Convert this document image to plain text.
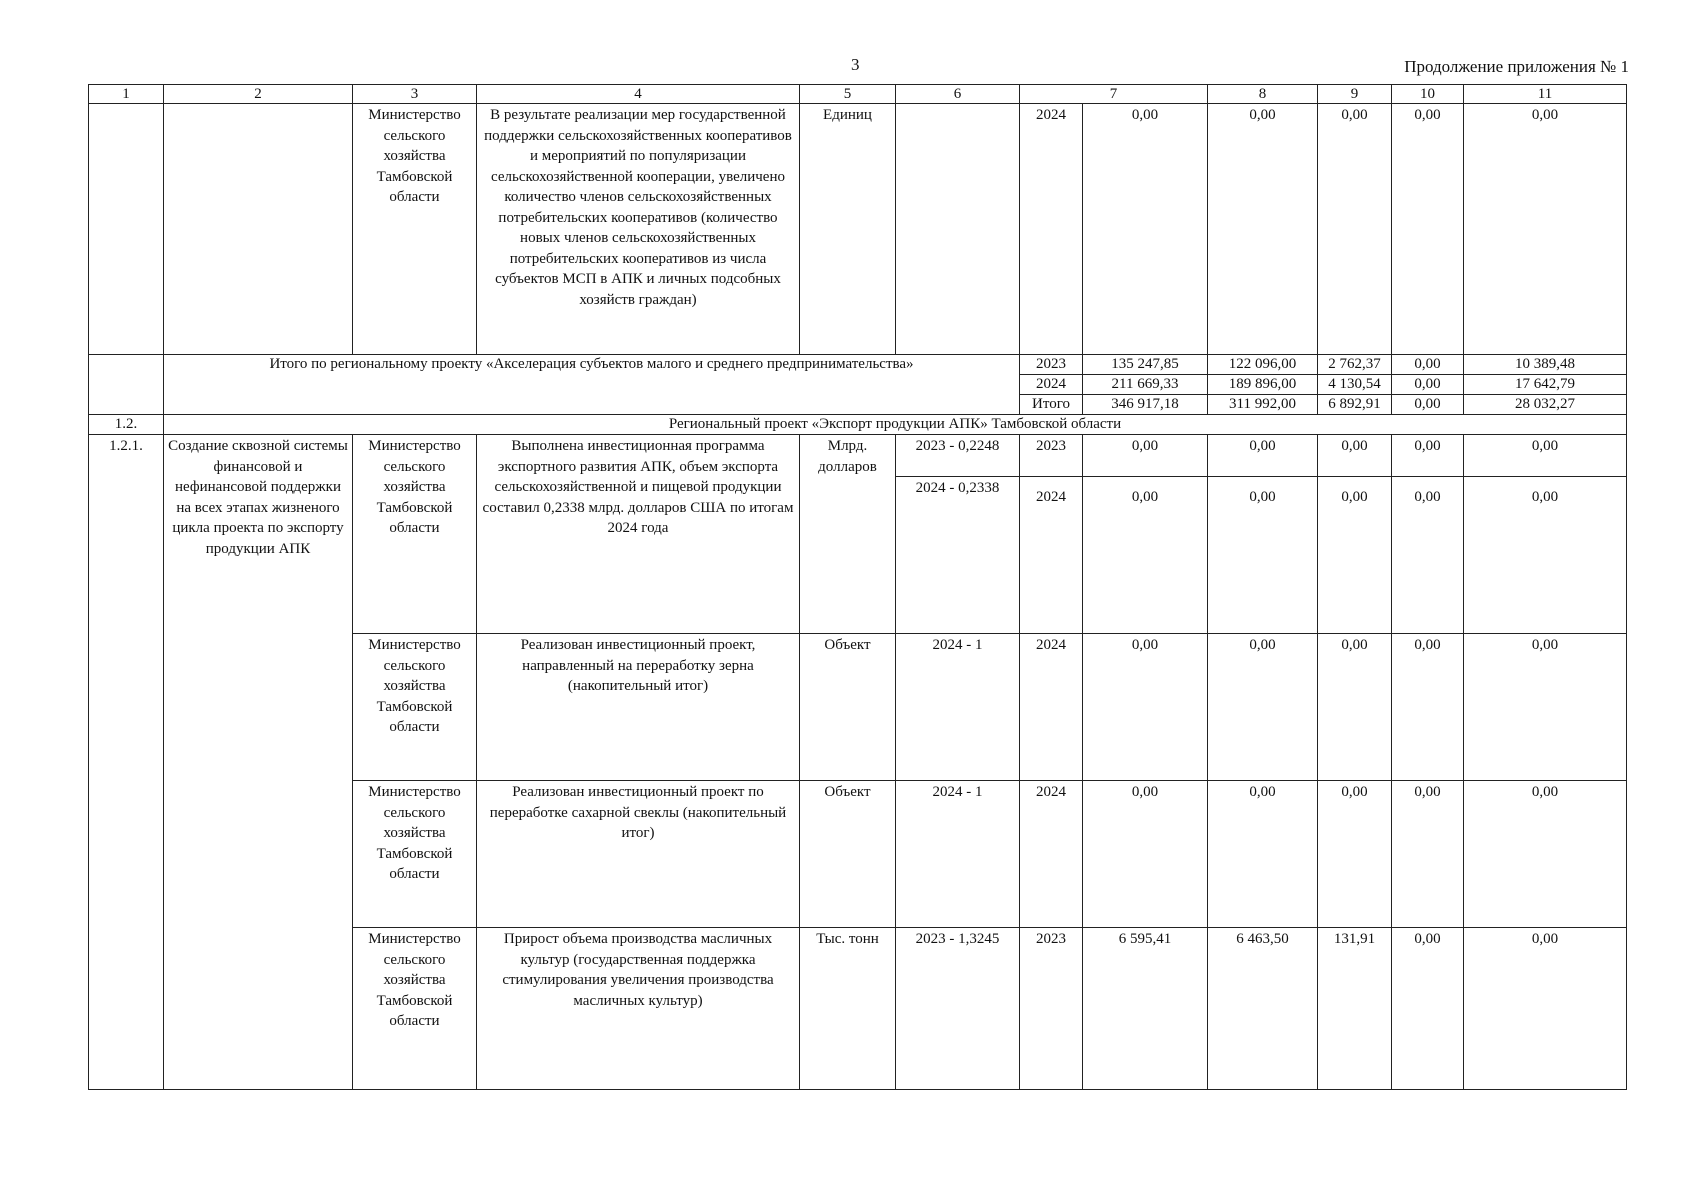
3	Продолжение приложения № 1
1	2	3	4	5	6	7		8	9	10	11
		Министерство сельского хозяйства Тамбовской области	В результате реализации мер государственной поддержки сельскохозяйственных кооперативов и мероприятий по популяризации сельскохозяйственной кооперации, увеличено количество членов сельскохозяйственных потребительских кооперативов (количество новых членов сельскохозяйственных потребительских кооперативов из числа субъектов МСП в АПК и личных подсобных хозяйств граждан)	Единиц		2024	0,00	0,00	0,00	0,00	0,00
	Итого по региональному проекту «Акселерация субъектов малого и среднего предпринимательства»					2023	135 247,85	122 096,00	2 762,37	0,00	10 389,48
						2024	211 669,33	189 896,00	4 130,54	0,00	17 642,79
						Итого	346 917,18	311 992,00	6 892,91	0,00	28 032,27
1.2.	Региональный проект «Экспорт продукции АПК» Тамбовской области										
1.2.1.	Создание сквозной системы финансовой и нефинансовой поддержки на всех этапах жизненого цикла проекта по экспорту продукции АПК	Министерство сельского хозяйства Тамбовской области	Выполнена инвестиционная программа экспортного развития АПК, объем экспорта сельскохозяйственной и пищевой продукции составил 0,2338 млрд. долларов США по итогам 2024 года	Млрд. долларов	2023 - 0,2248	2023	0,00	0,00	0,00	0,00	0,00
					2024 - 0,2338	2024	0,00	0,00	0,00	0,00	0,00
		Министерство сельского хозяйства Тамбовской области	Реализован инвестиционный проект, направленный на переработку зерна (накопительный итог)	Объект	2024 - 1	2024	0,00	0,00	0,00	0,00	0,00
		Министерство сельского хозяйства Тамбовской области	Реализован инвестиционный проект по переработке сахарной свеклы (накопительный итог)	Объект	2024 - 1	2024	0,00	0,00	0,00	0,00	0,00
		Министерство сельского хозяйства Тамбовской области	Прирост объема производства масличных культур (государственная поддержка стимулирования увеличения производства масличных культур)	Тыс. тонн	2023 - 1,3245	2023	6 595,41	6 463,50	131,91	0,00	0,00
